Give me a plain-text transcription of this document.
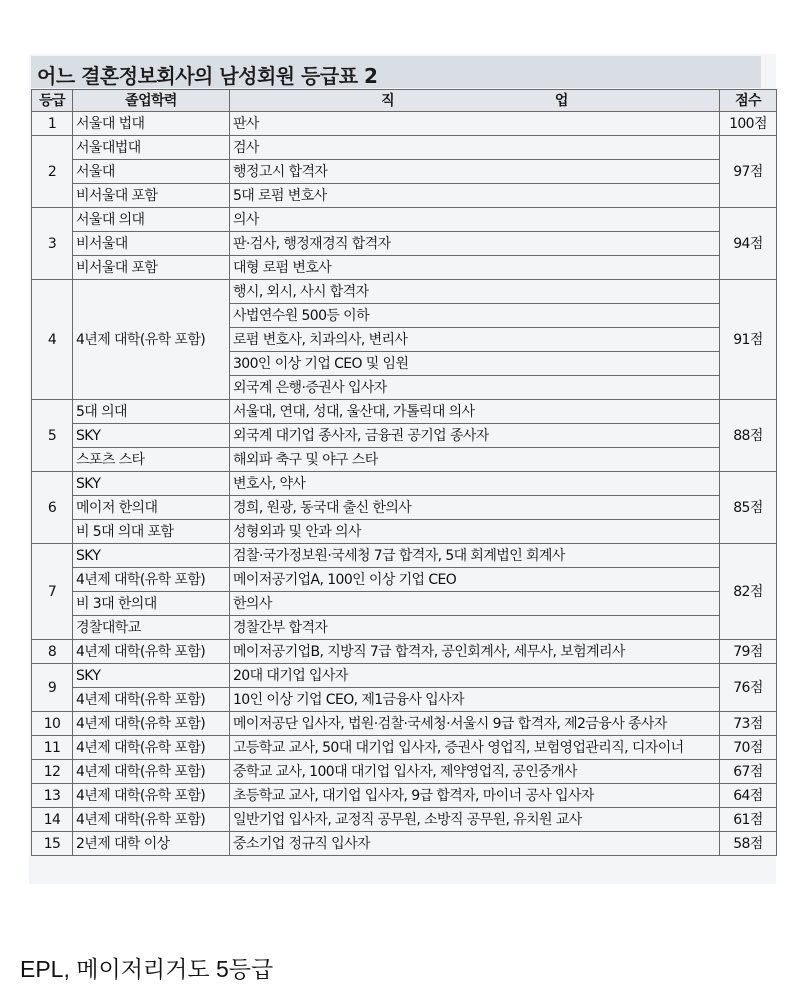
어느 결혼정보회사의 남성회원 등급표 2
등급	졸업학력	직　　　　　　　　　　　　업	점수
1	서울대 법대	판사	100점
2	서울대법대	검사	97점
	서울대	행정고시 합격자	
	비서울대 포함	5대 로펌 변호사	
3	서울대 의대	의사	94점
	비서울대	판·검사, 행정재경직 합격자	
	비서울대 포함	대형 로펌 변호사	
4	4년제 대학(유학 포함)	행시, 외시, 사시 합격자	91점
		사법연수원 500등 이하	
		로펌 변호사, 치과의사, 변리사	
		300인 이상 기업 CEO 및 임원	
		외국계 은행·증권사 입사자	
5	5대 의대	서울대, 연대, 성대, 울산대, 가톨릭대 의사	88점
	SKY	외국계 대기업 종사자, 금융권 공기업 종사자	
	스포츠 스타	해외파 축구 및 야구 스타	
6	SKY	변호사, 약사	85점
	메이저 한의대	경희, 원광, 동국대 출신 한의사	
	비 5대 의대 포함	성형외과 및 안과 의사	
7	SKY	검찰·국가정보원·국세청 7급 합격자, 5대 회계법인 회계사	82점
	4년제 대학(유학 포함)	메이저공기업A, 100인 이상 기업 CEO	
	비 3대 한의대	한의사	
	경찰대학교	경찰간부 합격자	
8	4년제 대학(유학 포함)	메이저공기업B, 지방직 7급 합격자, 공인회계사, 세무사, 보험계리사	79점
9	SKY	20대 대기업 입사자	76점
	4년제 대학(유학 포함)	10인 이상 기업 CEO, 제1금융사 입사자	
10	4년제 대학(유학 포함)	메이저공단 입사자, 법원·검찰·국세청·서울시 9급 합격자, 제2금융사 종사자	73점
11	4년제 대학(유학 포함)	고등학교 교사, 50대 대기업 입사자, 증권사 영업직, 보험영업관리직, 디자이너	70점
12	4년제 대학(유학 포함)	중학교 교사, 100대 대기업 입사자, 제약영업직, 공인중개사	67점
13	4년제 대학(유학 포함)	초등학교 교사, 대기업 입사자, 9급 합격자, 마이너 공사 입사자	64점
14	4년제 대학(유학 포함)	일반기업 입사자, 교정직 공무원, 소방직 공무원, 유치원 교사	61점
15	2년제 대학 이상	중소기업 정규직 입사자	58점
EPL, 메이저리거도 5등급
